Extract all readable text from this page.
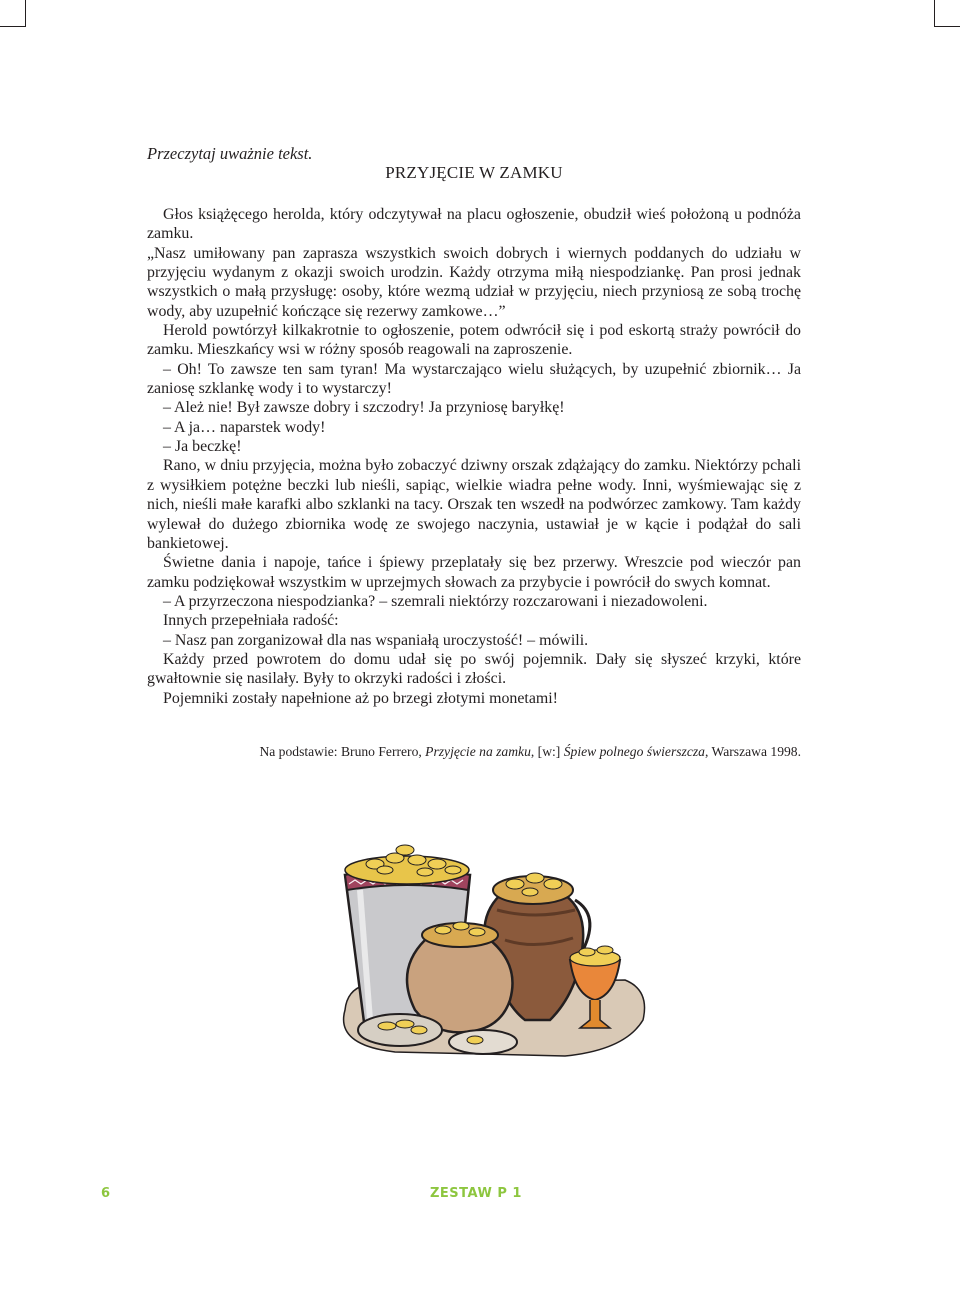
Przeczytaj uważnie tekst.
PRZYJĘCIE W ZAMKU

Głos książęcego herolda, który odczytywał na placu ogłoszenie, obudził wieś położoną u podnóża zamku.

„Nasz umiłowany pan zaprasza wszystkich swoich dobrych i wiernych poddanych do udziału w przyjęciu wydanym z okazji swoich urodzin. Każdy otrzyma miłą niespodziankę. Pan prosi jednak wszystkich o małą przysługę: osoby, które wezmą udział w przyjęciu, niech przyniosą ze sobą trochę wody, aby uzupełnić kończące się rezerwy zamkowe…”

Herold powtórzył kilkakrotnie to ogłoszenie, potem odwrócił się i pod eskortą straży powrócił do zamku. Mieszkańcy wsi w różny sposób reagowali na zaproszenie.

– Oh! To zawsze ten sam tyran! Ma wystarczająco wielu służących, by uzupełnić zbiornik… Ja zaniosę szklankę wody i to wystarczy!

– Ależ nie! Był zawsze dobry i szczodry! Ja przyniosę baryłkę!

– A ja… naparstek wody!

– Ja beczkę!

Rano, w dniu przyjęcia, można było zobaczyć dziwny orszak zdążający do zamku. Niektórzy pchali z wysiłkiem potężne beczki lub nieśli, sapiąc, wielkie wiadra pełne wody. Inni, wyśmiewając się z nich, nieśli małe karafki albo szklanki na tacy. Orszak ten wszedł na podwórzec zamkowy. Tam każdy wylewał do dużego zbiornika wodę ze swojego naczynia, ustawiał je w kącie i podążał do sali bankietowej.

Świetne dania i napoje, tańce i śpiewy przeplatały się bez przerwy. Wreszcie pod wieczór pan zamku podziękował wszystkim w uprzejmych słowach za przybycie i powrócił do swych komnat.

– A przyrzeczona niespodzianka? – szemrali niektórzy rozczarowani i niezadowoleni.

Innych przepełniała radość:

– Nasz pan zorganizował dla nas wspaniałą uroczystość! – mówili.

Każdy przed powrotem do domu udał się po swój pojemnik. Dały się słyszeć krzyki, które gwałtownie się nasilały. Były to okrzyki radości i złości.

Pojemniki zostały napełnione aż po brzegi złotymi monetami!

Na podstawie: Bruno Ferrero, Przyjęcie na zamku, [w:] Śpiew polnego świerszcza, Warszawa 1998.
6	ZESTAW P 1
